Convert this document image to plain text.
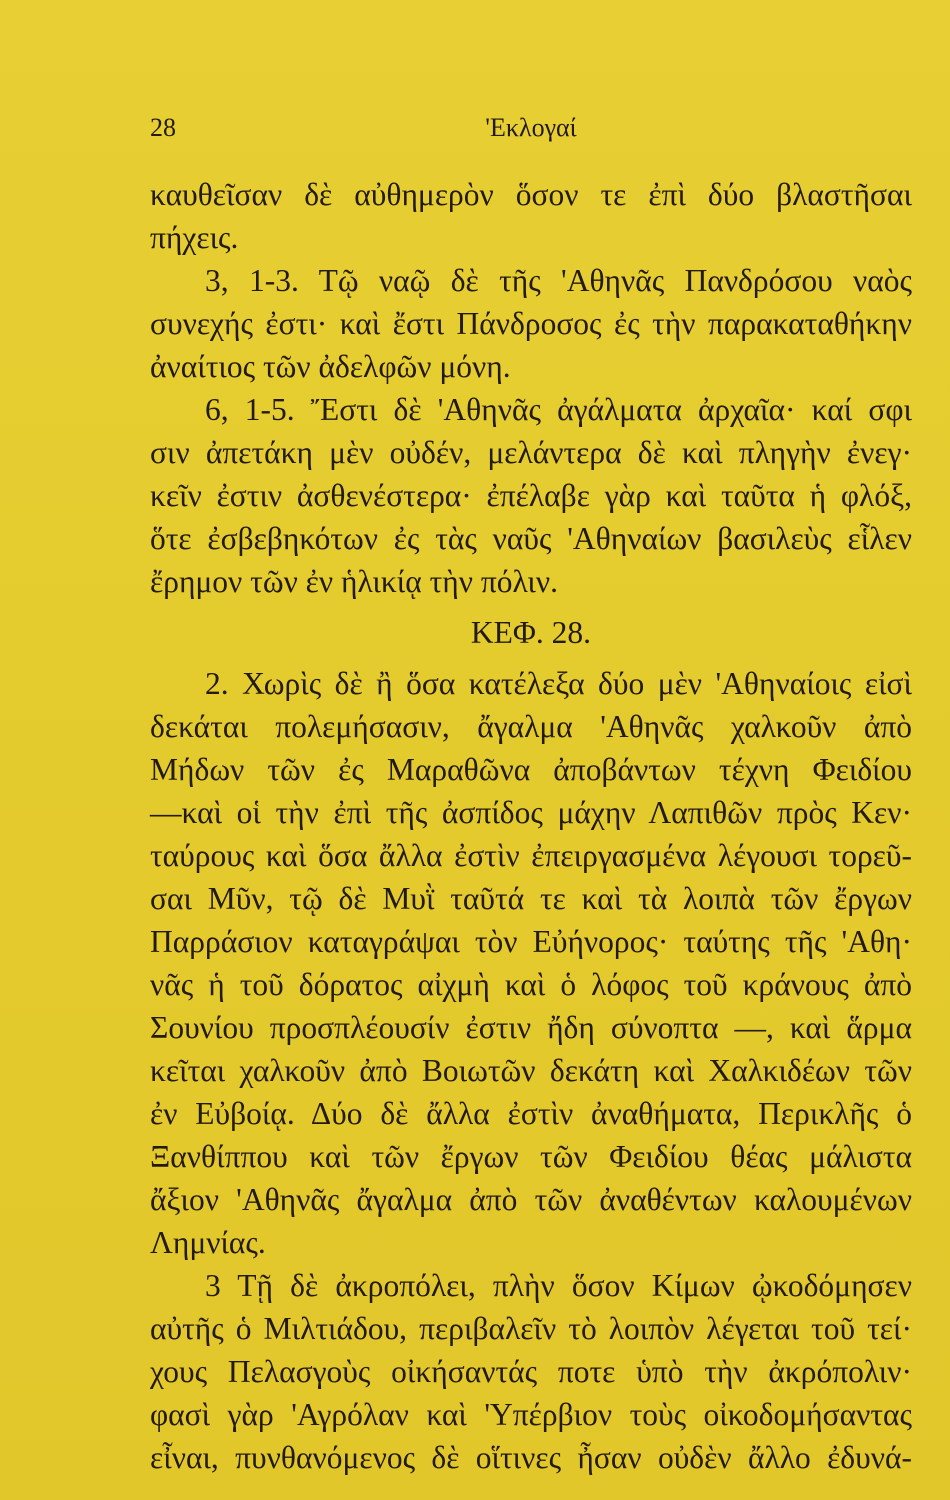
28	'Εκλογαί
καυθεῖσαν δὲ αὐθημερὸν ὅσον τε ἐπὶ δύο βλαστῆσαι
πήχεις.
3, 1-3. Τῷ ναῷ δὲ τῆς 'Αθηνᾶς Πανδρόσου ναὸς
συνεχής ἐστι· καὶ ἔστι Πάνδροσος ἐς τὴν παρακαταθήκην
ἀναίτιος τῶν ἀδελφῶν μόνη.
6, 1-5. Ἔστι δὲ 'Αθηνᾶς ἀγάλματα ἀρχαῖα· καί σφι
σιν ἀπετάκη μὲν οὐδέν, μελάντερα δὲ καὶ πληγὴν ἐνεγ·
κεῖν ἐστιν ἀσθενέστερα· ἐπέλαβε γὰρ καὶ ταῦτα ἡ φλόξ,
ὅτε ἐσβεβηκότων ἐς τὰς ναῦς 'Αθηναίων βασιλεὺς εἷλεν
ἔρημον τῶν ἐν ἡλικίᾳ τὴν πόλιν.
ΚΕΦ. 28.
2. Χωρὶς δὲ ἢ ὅσα κατέλεξα δύο μὲν 'Αθηναίοις εἰσὶ
δεκάται πολεμήσασιν, ἄγαλμα 'Αθηνᾶς χαλκοῦν ἀπὸ
Μήδων τῶν ἐς Μαραθῶνα ἀποβάντων τέχνη Φειδίου
—καὶ οἱ τὴν ἐπὶ τῆς ἀσπίδος μάχην Λαπιθῶν πρὸς Κεν·
ταύρους καὶ ὅσα ἄλλα ἐστὶν ἐπειργασμένα λέγουσι τορεῦ-
σαι Μῦν, τῷ δὲ Μυῒ ταῦτά τε καὶ τὰ λοιπὰ τῶν ἔργων
Παρράσιον καταγράψαι τὸν Εὐήνορος· ταύτης τῆς 'Αθη·
νᾶς ἡ τοῦ δόρατος αἰχμὴ καὶ ὁ λόφος τοῦ κράνους ἀπὸ
Σουνίου προσπλέουσίν ἐστιν ἤδη σύνοπτα —, καὶ ἅρμα
κεῖται χαλκοῦν ἀπὸ Βοιωτῶν δεκάτη καὶ Χαλκιδέων τῶν
ἐν Εὐβοίᾳ. Δύο δὲ ἄλλα ἐστὶν ἀναθήματα, Περικλῆς ὁ
Ξανθίππου καὶ τῶν ἔργων τῶν Φειδίου θέας μάλιστα
ἄξιον 'Αθηνᾶς ἄγαλμα ἀπὸ τῶν ἀναθέντων καλουμένων
Λημνίας.
3 Τῇ δὲ ἀκροπόλει, πλὴν ὅσον Κίμων ᾠκοδόμησεν
αὐτῆς ὁ Μιλτιάδου, περιβαλεῖν τὸ λοιπὸν λέγεται τοῦ τεί·
χους Πελασγοὺς οἰκήσαντάς ποτε ὑπὸ τὴν ἀκρόπολιν·
φασὶ γὰρ 'Αγρόλαν καὶ 'Υπέρβιον τοὺς οἰκοδομήσαντας
εἶναι, πυνθανόμενος δὲ οἵτινες ἦσαν οὐδὲν ἄλλο ἐδυνά-
